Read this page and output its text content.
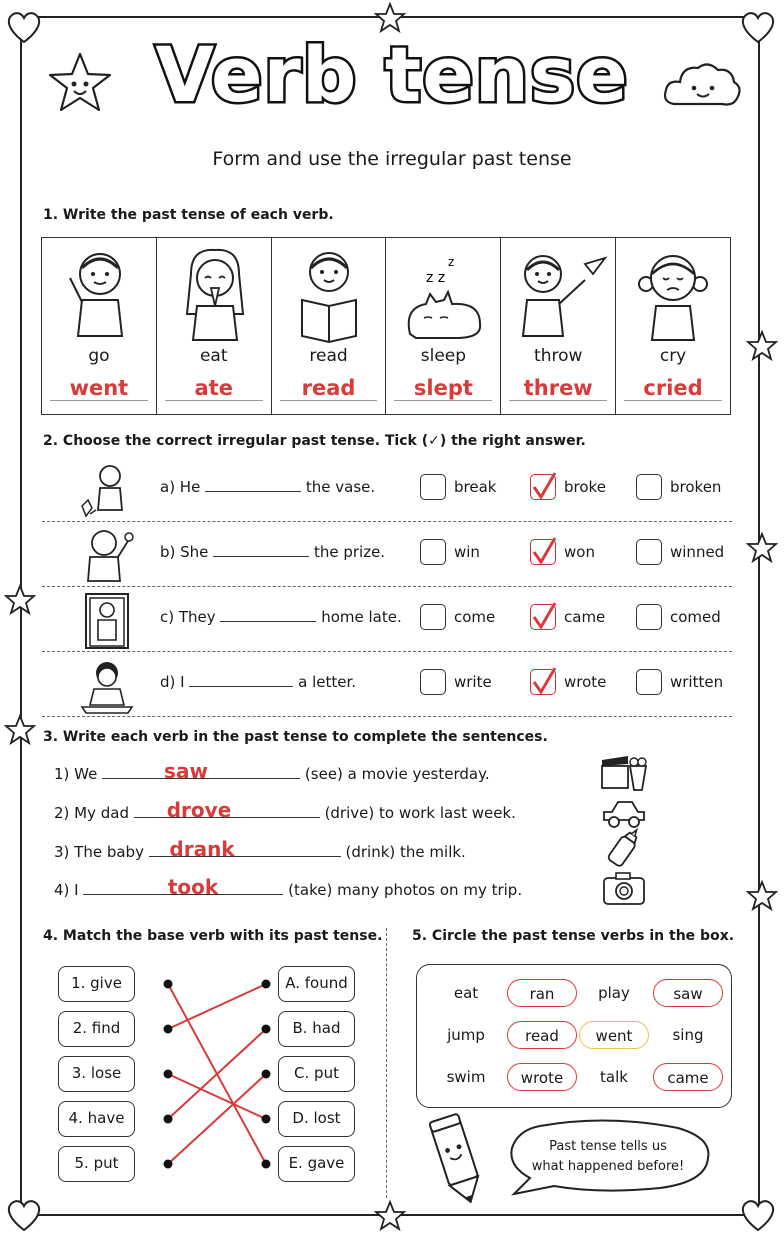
Verb tense
Form and use the irregular past tense
1. Write the past tense of each verb.
go
went
eat
ate
read
read
z z
z
sleep
slept
throw
threw
cry
cried
2. Choose the correct irregular past tense. Tick (✓) the right answer.
a) He	the vase.	break	broke	broken
b) She	the prize.	win	won	winned
c) They	home late.	come	came	comed
d) I	a letter.	write	wrote	written
3. Write each verb in the past tense to complete the sentences.
1) We	(see) a movie yesterday.
saw
2) My dad	(drive) to work last week.
drove
3) The baby	(drink) the milk.
drank
4) I	(take) many photos on my trip.
took
4. Match the base verb with its past tense.
1. give
2. find
3. lose
4. have
5. put
A. found
B. had
C. put
D. lost
E. gave
5. Circle the past tense verbs in the box.
eat	ran	play	saw
jump	read	went	sing
swim	wrote	talk	came
Past tense tells us
what happened before!
